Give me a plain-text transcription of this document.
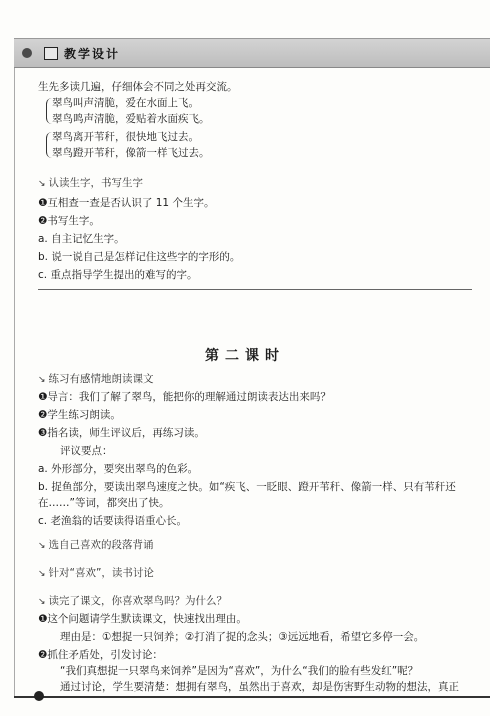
教学设计
生先多读几遍，仔细体会不同之处再交流。
翠鸟叫声清脆，爱在水面上飞。
翠鸟鸣声清脆，爱贴着水面疾飞。
翠鸟离开苇秆，很快地飞过去。
翠鸟蹬开苇秆，像箭一样飞过去。
↘ 认读生字，书写生字
❶互相查一查是否认识了 11 个生字。
❷书写生字。
a. 自主记忆生字。
b. 说一说自己是怎样记住这些字的字形的。
c. 重点指导学生提出的难写的字。
第二课时
↘ 练习有感情地朗读课文
❶导言：我们了解了翠鸟，能把你的理解通过朗读表达出来吗？
❷学生练习朗读。
❸指名读，师生评议后，再练习读。
评议要点：
a. 外形部分，要突出翠鸟的色彩。
b. 捉鱼部分，要读出翠鸟速度之快。如“疾飞、一眨眼、蹬开苇秆、像箭一样、只有苇秆还
在……”等词，都突出了快。
c. 老渔翁的话要读得语重心长。
↘ 选自己喜欢的段落背诵
↘ 针对“喜欢”，读书讨论
↘ 读完了课文，你喜欢翠鸟吗？为什么？
❶这个问题请学生默读课文，快速找出理由。
理由是：①想捉一只饲养；②打消了捉的念头；③远远地看，希望它多停一会。
❷抓住矛盾处，引发讨论：
“我们真想捉一只翠鸟来饲养”是因为“喜欢”，为什么“我们的脸有些发红”呢？
通过讨论，学生要清楚：想拥有翠鸟，虽然出于喜欢，却是伤害野生动物的想法，真正
